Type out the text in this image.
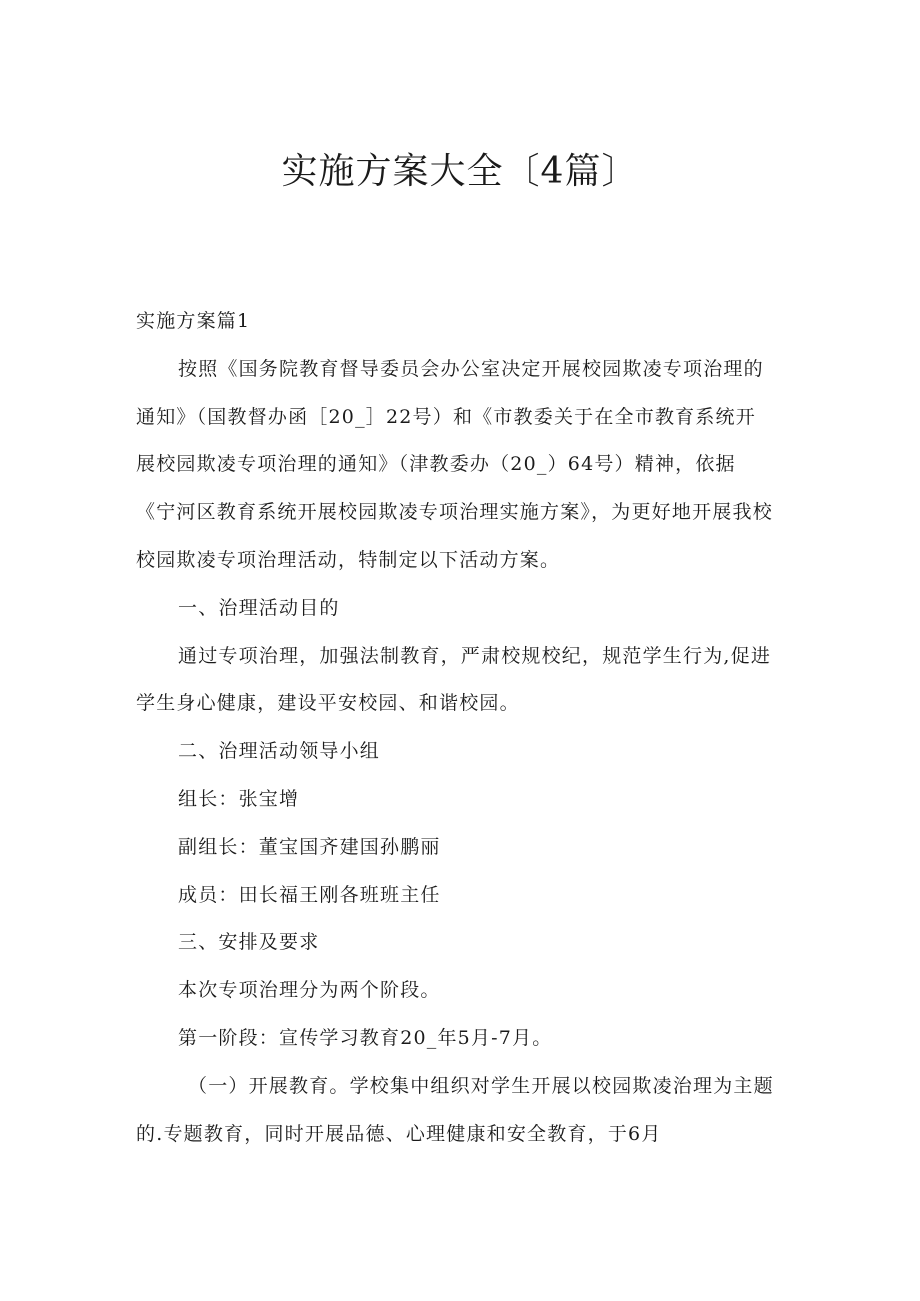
实施方案大全〔4篇〕

实施方案篇1

按照《国务院教育督导委员会办公室决定开展校园欺凌专项治理的通知》（国教督办函［20_］22号）和《市教委关于在全市教育系统开展校园欺凌专项治理的通知》（津教委办（20_）64号）精神，依据《宁河区教育系统开展校园欺凌专项治理实施方案》，为更好地开展我校校园欺凌专项治理活动，特制定以下活动方案。

一、治理活动目的

通过专项治理，加强法制教育，严肃校规校纪，规范学生行为,促进学生身心健康，建设平安校园、和谐校园。

二、治理活动领导小组

组长：张宝增

副组长：董宝国齐建国孙鹏丽

成员：田长福王刚各班班主任

三、安排及要求

本次专项治理分为两个阶段。

第一阶段：宣传学习教育20_年5月-7月。

（一）开展教育。学校集中组织对学生开展以校园欺凌治理为主题的.专题教育，同时开展品德、心理健康和安全教育，于6月
